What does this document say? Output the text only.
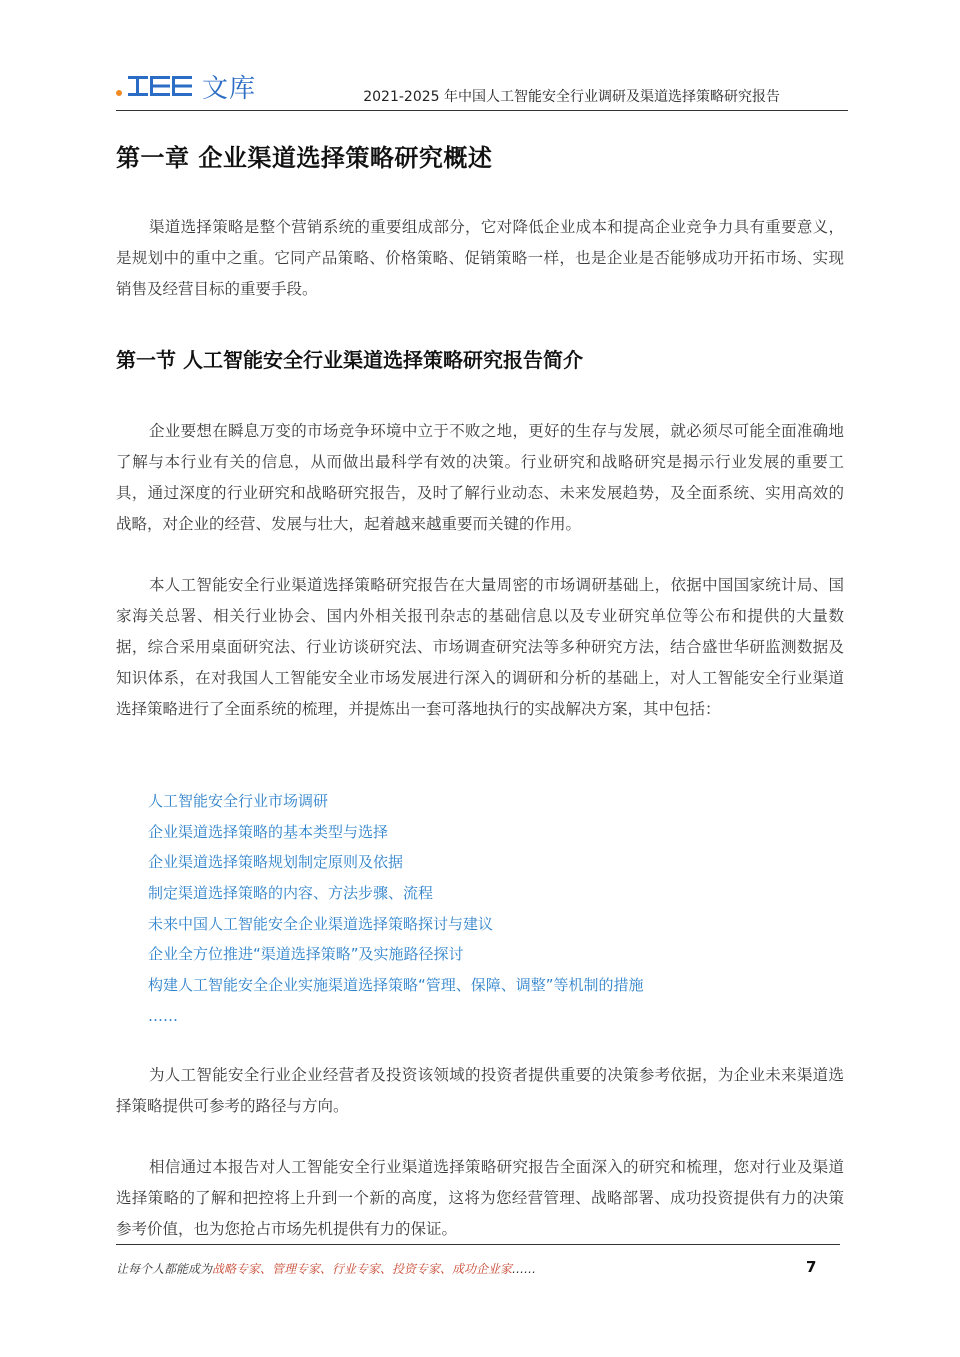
文库	2021-2025 年中国人工智能安全行业调研及渠道选择策略研究报告
第一章 企业渠道选择策略研究概述

渠道选择策略是整个营销系统的重要组成部分，它对降低企业成本和提高企业竞争力具有重要意义，是规划中的重中之重。它同产品策略、价格策略、促销策略一样，也是企业是否能够成功开拓市场、实现销售及经营目标的重要手段。

第一节 人工智能安全行业渠道选择策略研究报告简介

企业要想在瞬息万变的市场竞争环境中立于不败之地，更好的生存与发展，就必须尽可能全面准确地了解与本行业有关的信息，从而做出最科学有效的决策。行业研究和战略研究是揭示行业发展的重要工具，通过深度的行业研究和战略研究报告，及时了解行业动态、未来发展趋势，及全面系统、实用高效的战略，对企业的经营、发展与壮大，起着越来越重要而关键的作用。

本人工智能安全行业渠道选择策略研究报告在大量周密的市场调研基础上，依据中国国家统计局、国家海关总署、相关行业协会、国内外相关报刊杂志的基础信息以及专业研究单位等公布和提供的大量数据，综合采用桌面研究法、行业访谈研究法、市场调查研究法等多种研究方法，结合盛世华研监测数据及知识体系，在对我国人工智能安全业市场发展进行深入的调研和分析的基础上，对人工智能安全行业渠道选择策略进行了全面系统的梳理，并提炼出一套可落地执行的实战解决方案，其中包括：

人工智能安全行业市场调研
企业渠道选择策略的基本类型与选择
企业渠道选择策略规划制定原则及依据
制定渠道选择策略的内容、方法步骤、流程
未来中国人工智能安全企业渠道选择策略探讨与建议
企业全方位推进“渠道选择策略”及实施路径探讨
构建人工智能安全企业实施渠道选择策略“管理、保障、调整”等机制的措施
……

为人工智能安全行业企业经营者及投资该领域的投资者提供重要的决策参考依据，为企业未来渠道选择策略提供可参考的路径与方向。

相信通过本报告对人工智能安全行业渠道选择策略研究报告全面深入的研究和梳理，您对行业及渠道选择策略的了解和把控将上升到一个新的高度，这将为您经营管理、战略部署、成功投资提供有力的决策参考价值，也为您抢占市场先机提供有力的保证。

让每个人都能成为战略专家、管理专家、行业专家、投资专家、成功企业家……	7
